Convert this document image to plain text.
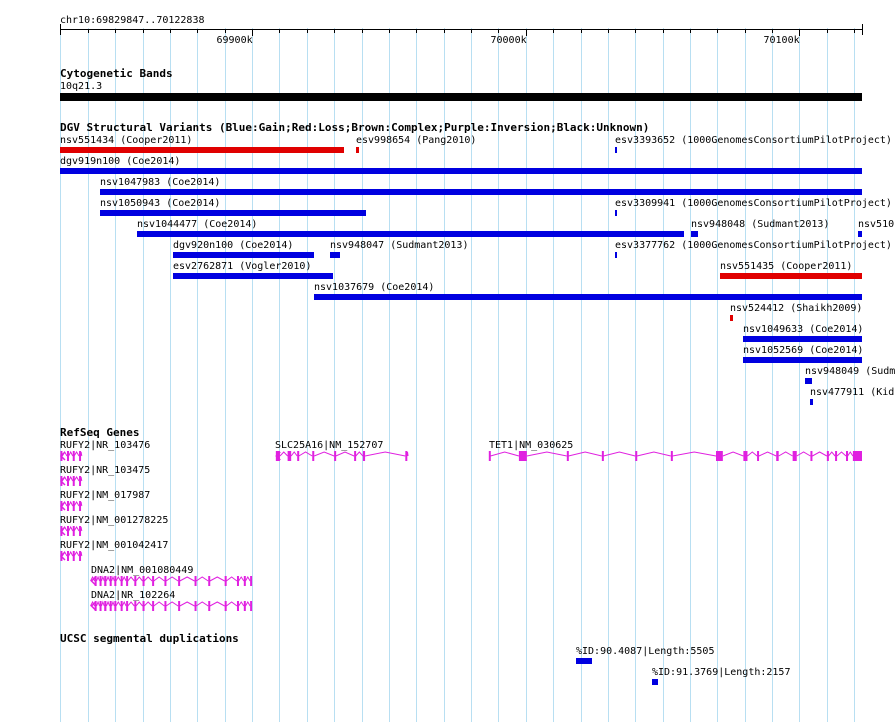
chr10:69829847..70122838
Cytogenetic Bands
10q21.3
DGV Structural Variants (Blue:Gain;Red:Loss;Brown:Complex;Purple:Inversion;Black:Unknown)
nsv551434 (Cooper2011)	esv998654 (Pang2010)	esv3393652 (1000GenomesConsortiumPilotProject)
dgv919n100 (Coe2014)
nsv1047983 (Coe2014)
nsv1050943 (Coe2014)	esv3309941 (1000GenomesConsortiumPilotProject)
nsv1044477 (Coe2014)	nsv948048 (Sudmant2013)	nsv510
dgv920n100 (Coe2014)	nsv948047 (Sudmant2013)	esv3377762 (1000GenomesConsortiumPilotProject)
esv2762871 (Vogler2010)	nsv551435 (Cooper2011)
nsv1037679 (Coe2014)
nsv524412 (Shaikh2009)
nsv1049633 (Coe2014)
nsv1052569 (Coe2014)
nsv948049 (Sudm
nsv477911 (Kid
RefSeq Genes
RUFY2|NR_103476	SLC25A16|NM_152707	TET1|NM_030625
RUFY2|NR_103475
RUFY2|NM_017987
RUFY2|NM_001278225
RUFY2|NM_001042417
DNA2|NM_001080449
DNA2|NR_102264
UCSC segmental duplications
%ID:90.4087|Length:5505
%ID:91.3769|Length:2157
69900k	70000k	70100k
